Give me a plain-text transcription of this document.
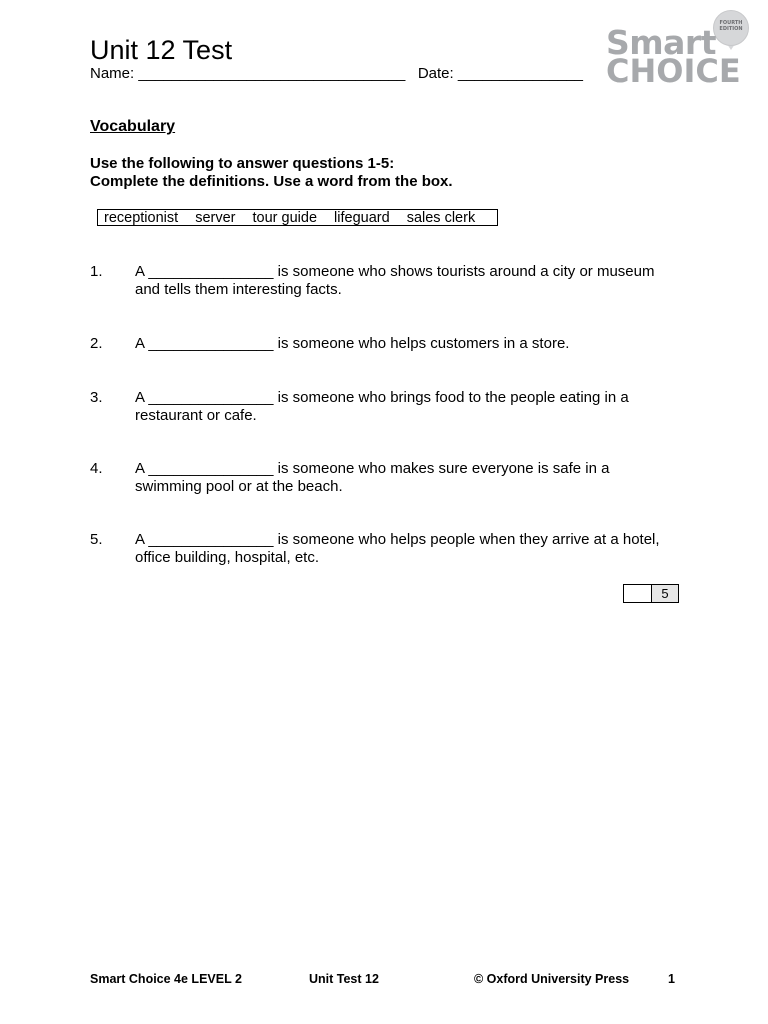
Unit 12 Test
Name: ________________________________ Date: _______________
FOURTH
EDITION
Smart
CHOICE
Vocabulary
Use the following to answer questions 1-5:
Complete the definitions. Use a word from the box.
receptionist server tour guide lifeguard sales clerk
1. A _______________ is someone who shows tourists around a city or museum and tells them interesting facts.
2. A _______________ is someone who helps customers in a store.
3. A _______________ is someone who brings food to the people eating in a restaurant or cafe.
4. A _______________ is someone who makes sure everyone is safe in a swimming pool or at the beach.
5. A _______________ is someone who helps people when they arrive at a hotel, office building, hospital, etc.
5
Smart Choice 4e LEVEL 2	Unit Test 12	© Oxford University Press	1
